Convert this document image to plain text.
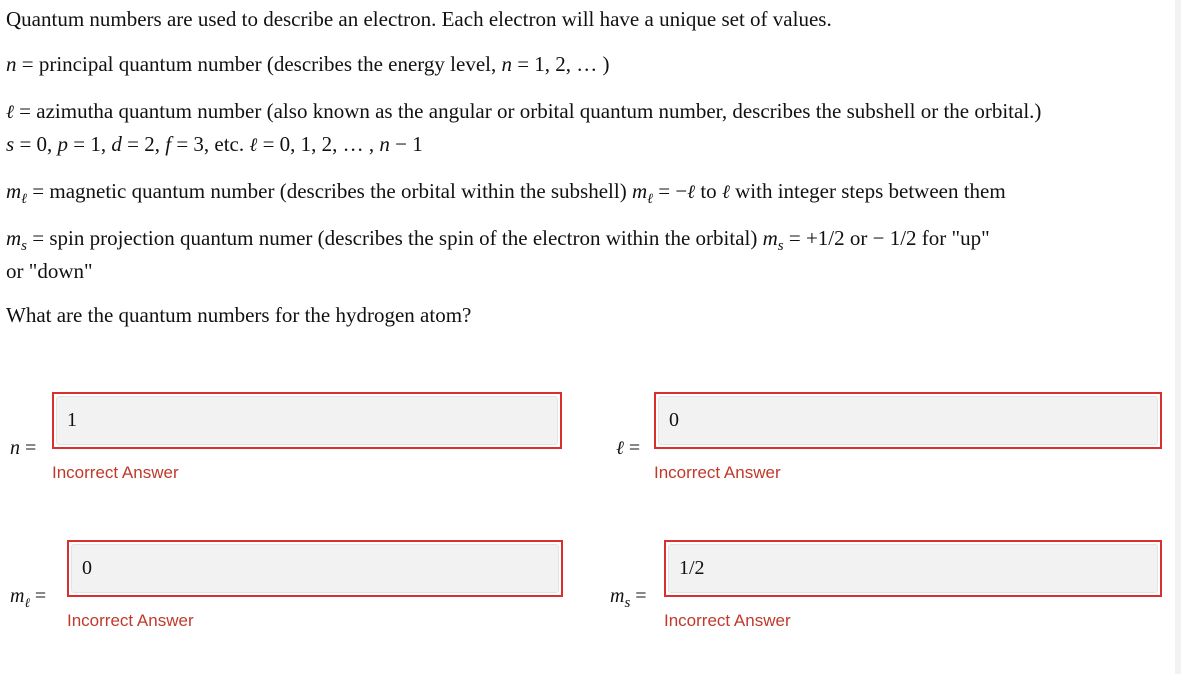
Quantum numbers are used to describe an electron. Each electron will have a unique set of values.
n = principal quantum number (describes the energy level, n = 1, 2, … )
ℓ = azimutha quantum number (also known as the angular or orbital quantum number, describes the subshell or the orbital.)
s = 0, p = 1, d = 2, f = 3, etc. ℓ = 0, 1, 2, … , n − 1
$m_\ell$ = magnetic quantum number (describes the orbital within the subshell) $m_\ell$ = −ℓ to ℓ with integer steps between them
$m_s$ = spin projection quantum numer (describes the spin of the electron within the orbital) $m_s = +1/2$ or − 1/2 for "up"
or "down"
What are the quantum numbers for the hydrogen atom?
n =
1
Incorrect Answer
ℓ =
0
Incorrect Answer
$m_\ell$ =
0
Incorrect Answer
$m_s$ =
1/2
Incorrect Answer
